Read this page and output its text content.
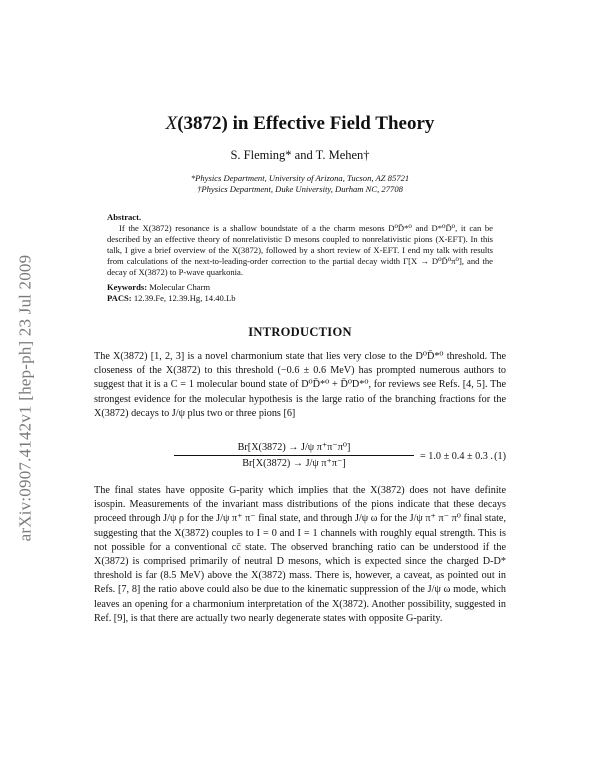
arXiv:0907.4142v1 [hep-ph] 23 Jul 2009
X(3872) in Effective Field Theory
S. Fleming* and T. Mehen†
*Physics Department, University of Arizona, Tucson, AZ 85721
†Physics Department, Duke University, Durham NC, 27708
Abstract.
If the X(3872) resonance is a shallow boundstate of a the charm mesons D⁰D̄*⁰ and D*⁰D̄⁰, it can be described by an effective theory of nonrelativistic D mesons coupled to nonrelativistic pions (X-EFT). In this talk, I give a brief overview of the X(3872), followed by a short review of X-EFT. I end my talk with results from calculations of the next-to-leading-order correction to the partial decay width Γ[X → D⁰D̄⁰π⁰], and the decay of X(3872) to P-wave quarkonia.
Keywords: Molecular Charm
PACS: 12.39.Fe, 12.39.Hg, 14.40.Lb
INTRODUCTION
The X(3872) [1, 2, 3] is a novel charmonium state that lies very close to the D⁰D̄*⁰ threshold. The closeness of the X(3872) to this threshold (−0.6 ± 0.6 MeV) has prompted numerous authors to suggest that it is a C = 1 molecular bound state of D⁰D̄*⁰ + D̄⁰D*⁰, for reviews see Refs. [4, 5]. The strongest evidence for the molecular hypothesis is the large ratio of the branching fractions for the X(3872) decays to J/ψ plus two or three pions [6]
$\frac{\text{Br[X(3872) → J/ψ π⁺π⁻π⁰]}}{\text{Br[X(3872) → J/ψ π⁺π⁻]}} = 1.0 \pm 0.4 \pm 0.3$ . (1)
The final states have opposite G-parity which implies that the X(3872) does not have definite isospin. Measurements of the invariant mass distributions of the pions indicate that these decays proceed through J/ψ ρ for the J/ψ π⁺ π⁻ final state, and through J/ψ ω for the J/ψ π⁺ π⁻ π⁰ final state, suggesting that the X(3872) couples to I = 0 and I = 1 channels with roughly equal strength. This is not possible for a conventional cc̄ state. The observed branching ratio can be understood if the X(3872) is comprised primarily of neutral D mesons, which is expected since the charged D-D* threshold is far (8.5 MeV) above the X(3872) mass. There is, however, a caveat, as pointed out in Refs. [7, 8] the ratio above could also be due to the kinematic suppression of the J/ψ ω mode, which leaves an opening for a charmonium interpretation of the X(3872). Another possibility, suggested in Ref. [9], is that there are actually two nearly degenerate states with opposite G-parity.
